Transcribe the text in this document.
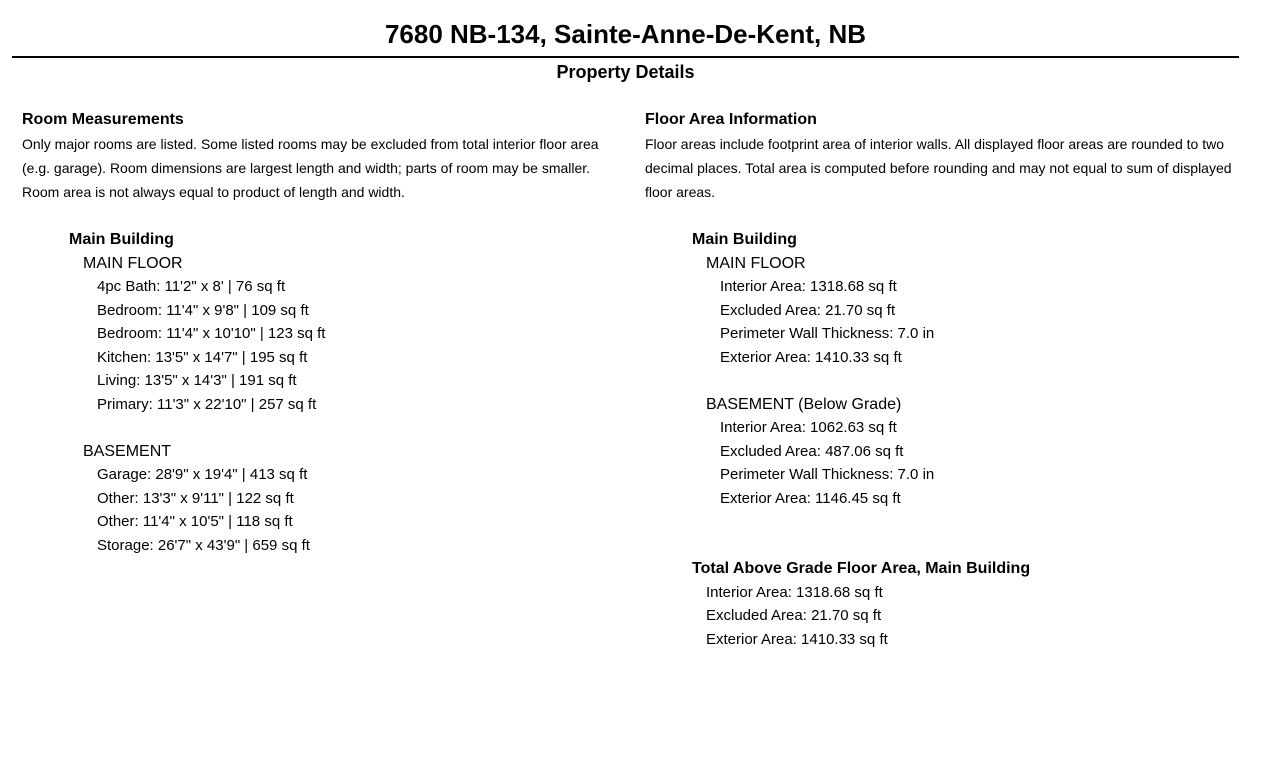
7680 NB-134, Sainte-Anne-De-Kent, NB
Property Details
Room Measurements
Only major rooms are listed. Some listed rooms may be excluded from total interior floor area
(e.g. garage). Room dimensions are largest length and width; parts of room may be smaller.
Room area is not always equal to product of length and width.
Main Building
MAIN FLOOR
4pc Bath: 11'2" x 8' | 76 sq ft
Bedroom: 11'4" x 9'8" | 109 sq ft
Bedroom: 11'4" x 10'10" | 123 sq ft
Kitchen: 13'5" x 14'7" | 195 sq ft
Living: 13'5" x 14'3" | 191 sq ft
Primary: 11'3" x 22'10" | 257 sq ft
BASEMENT
Garage: 28'9" x 19'4" | 413 sq ft
Other: 13'3" x 9'11" | 122 sq ft
Other: 11'4" x 10'5" | 118 sq ft
Storage: 26'7" x 43'9" | 659 sq ft
Floor Area Information
Floor areas include footprint area of interior walls. All displayed floor areas are rounded to two
decimal places. Total area is computed before rounding and may not equal to sum of displayed
floor areas.
Main Building
MAIN FLOOR
Interior Area: 1318.68 sq ft
Excluded Area: 21.70 sq ft
Perimeter Wall Thickness: 7.0 in
Exterior Area: 1410.33 sq ft
BASEMENT (Below Grade)
Interior Area: 1062.63 sq ft
Excluded Area: 487.06 sq ft
Perimeter Wall Thickness: 7.0 in
Exterior Area: 1146.45 sq ft
Total Above Grade Floor Area, Main Building
Interior Area: 1318.68 sq ft
Excluded Area: 21.70 sq ft
Exterior Area: 1410.33 sq ft
